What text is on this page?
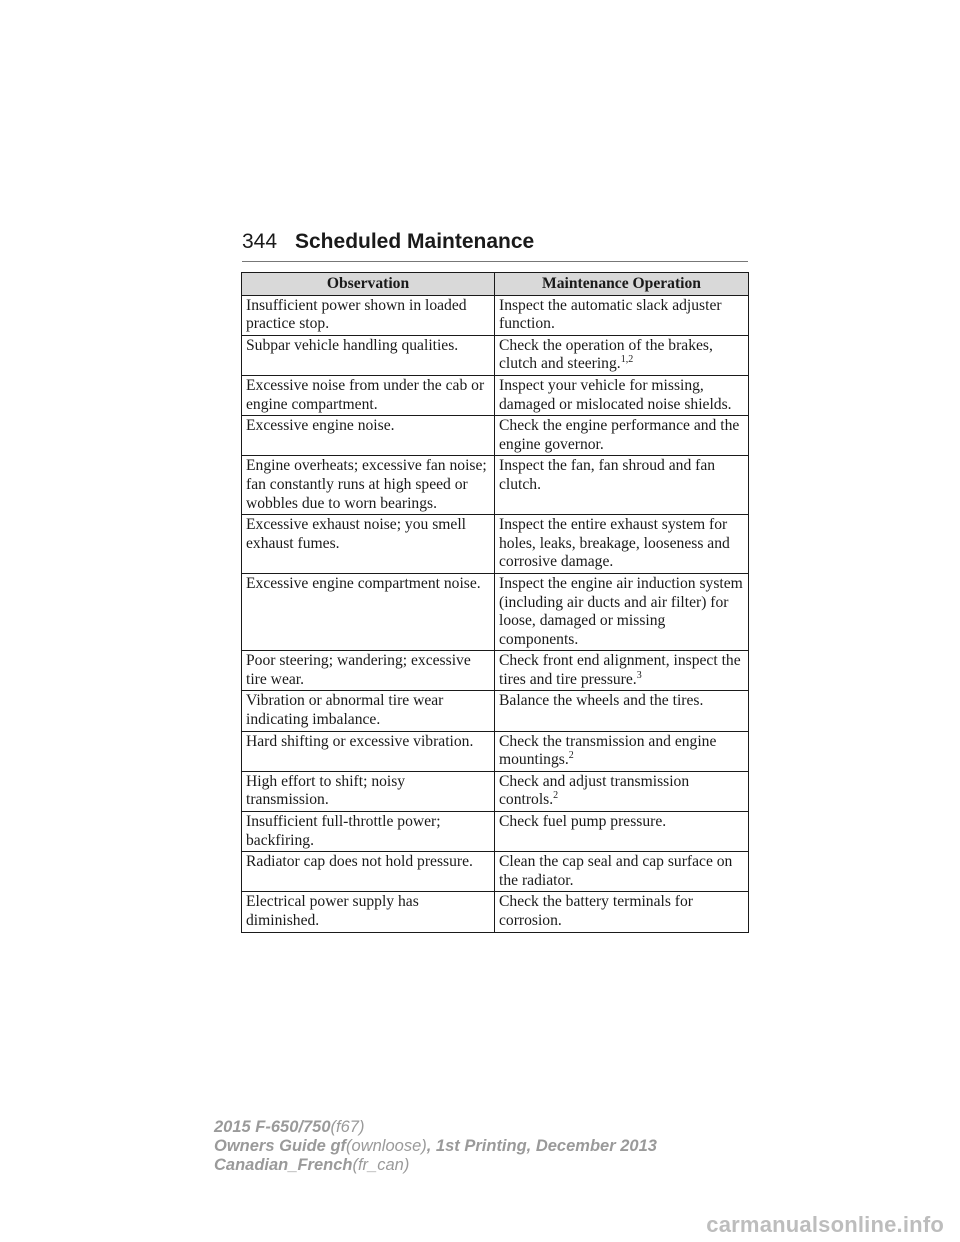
344 Scheduled Maintenance
Observation	Maintenance Operation
Insufficient power shown in loaded practice stop.	Inspect the automatic slack adjuster function.
Subpar vehicle handling qualities.	Check the operation of the brakes, clutch and steering.$^{1,2}$
Excessive noise from under the cab or engine compartment.	Inspect your vehicle for missing, damaged or mislocated noise shields.
Excessive engine noise.	Check the engine performance and the engine governor.
Engine overheats; excessive fan noise; fan constantly runs at high speed or wobbles due to worn bearings.	Inspect the fan, fan shroud and fan clutch.
Excessive exhaust noise; you smell exhaust fumes.	Inspect the entire exhaust system for holes, leaks, breakage, looseness and corrosive damage.
Excessive engine compartment noise.	Inspect the engine air induction system (including air ducts and air filter) for loose, damaged or missing components.
Poor steering; wandering; excessive tire wear.	Check front end alignment, inspect the tires and tire pressure.$^3$
Vibration or abnormal tire wear indicating imbalance.	Balance the wheels and the tires.
Hard shifting or excessive vibration.	Check the transmission and engine mountings.$^2$
High effort to shift; noisy transmission.	Check and adjust transmission controls.$^2$
Insufficient full-throttle power; backfiring.	Check fuel pump pressure.
Radiator cap does not hold pressure.	Clean the cap seal and cap surface on the radiator.
Electrical power supply has diminished.	Check the battery terminals for corrosion.
2015 F-650/750(f67)
Owners Guide gf(ownloose), 1st Printing, December 2013
Canadian_French(fr_can)
carmanualsonline.info
